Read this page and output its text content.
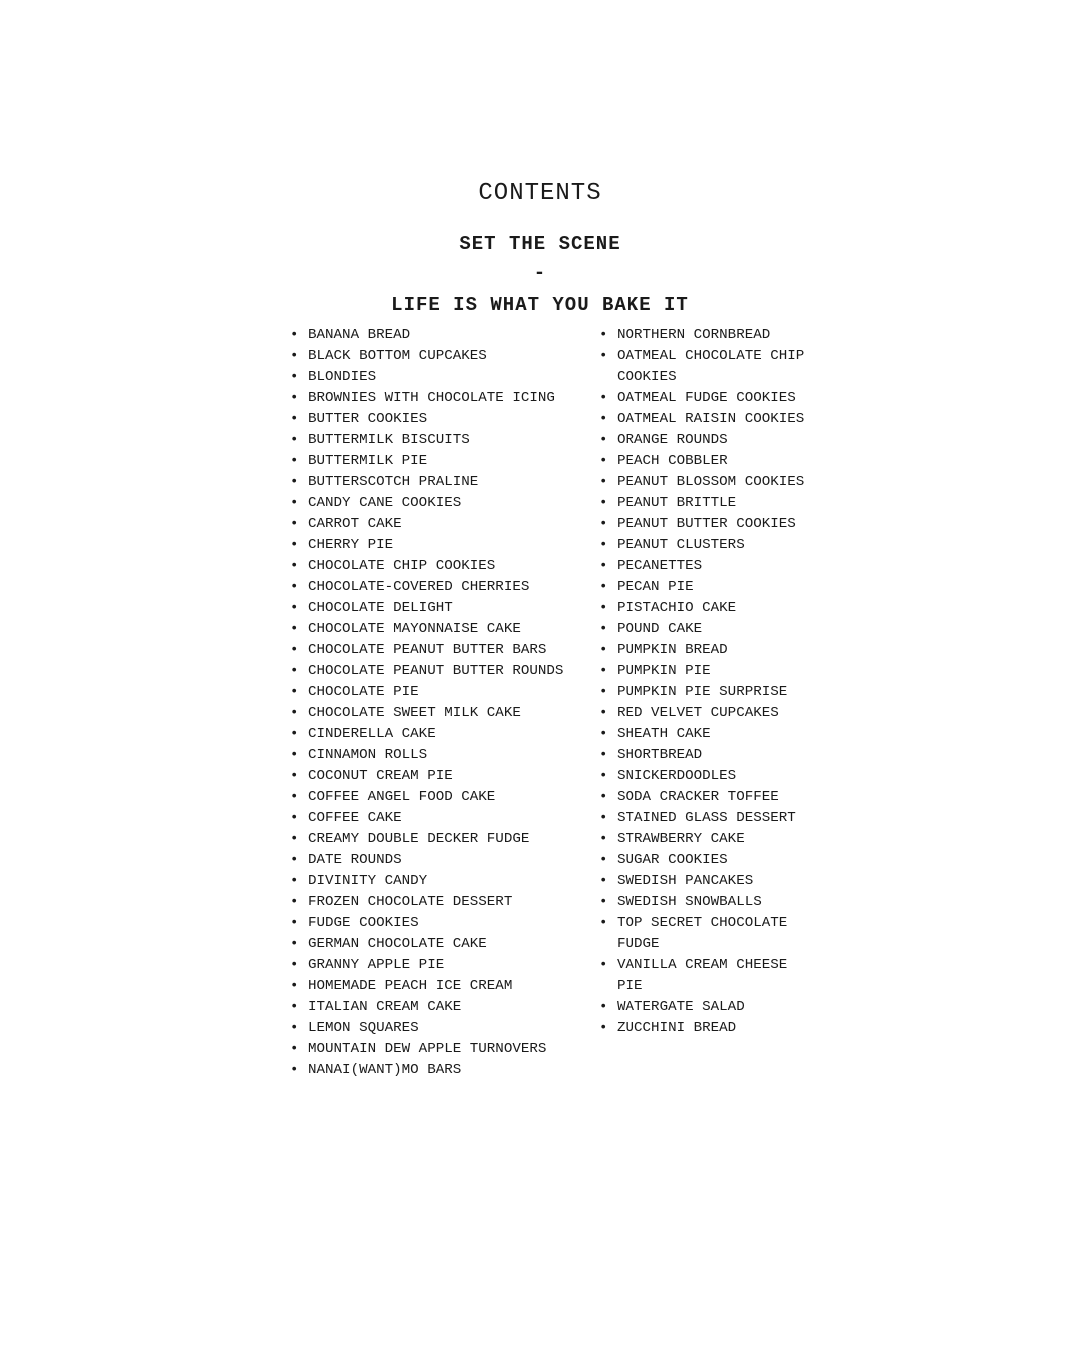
CONTENTS
SET THE SCENE
-
LIFE IS WHAT YOU BAKE IT
• BANANA BREAD
• BLACK BOTTOM CUPCAKES
• BLONDIES
• BROWNIES WITH CHOCOLATE ICING
• BUTTER COOKIES
• BUTTERMILK BISCUITS
• BUTTERMILK PIE
• BUTTERSCOTCH PRALINE
• CANDY CANE COOKIES
• CARROT CAKE
• CHERRY PIE
• CHOCOLATE CHIP COOKIES
• CHOCOLATE-COVERED CHERRIES
• CHOCOLATE DELIGHT
• CHOCOLATE MAYONNAISE CAKE
• CHOCOLATE PEANUT BUTTER BARS
• CHOCOLATE PEANUT BUTTER ROUNDS
• CHOCOLATE PIE
• CHOCOLATE SWEET MILK CAKE
• CINDERELLA CAKE
• CINNAMON ROLLS
• COCONUT CREAM PIE
• COFFEE ANGEL FOOD CAKE
• COFFEE CAKE
• CREAMY DOUBLE DECKER FUDGE
• DATE ROUNDS
• DIVINITY CANDY
• FROZEN CHOCOLATE DESSERT
• FUDGE COOKIES
• GERMAN CHOCOLATE CAKE
• GRANNY APPLE PIE
• HOMEMADE PEACH ICE CREAM
• ITALIAN CREAM CAKE
• LEMON SQUARES
• MOUNTAIN DEW APPLE TURNOVERS
• NANAI(WANT)MO BARS
• NORTHERN CORNBREAD
• OATMEAL CHOCOLATE CHIP COOKIES
• OATMEAL FUDGE COOKIES
• OATMEAL RAISIN COOKIES
• ORANGE ROUNDS
• PEACH COBBLER
• PEANUT BLOSSOM COOKIES
• PEANUT BRITTLE
• PEANUT BUTTER COOKIES
• PEANUT CLUSTERS
• PECANETTES
• PECAN PIE
• PISTACHIO CAKE
• POUND CAKE
• PUMPKIN BREAD
• PUMPKIN PIE
• PUMPKIN PIE SURPRISE
• RED VELVET CUPCAKES
• SHEATH CAKE
• SHORTBREAD
• SNICKERDOODLES
• SODA CRACKER TOFFEE
• STAINED GLASS DESSERT
• STRAWBERRY CAKE
• SUGAR COOKIES
• SWEDISH PANCAKES
• SWEDISH SNOWBALLS
• TOP SECRET CHOCOLATE FUDGE
• VANILLA CREAM CHEESE PIE
• WATERGATE SALAD
• ZUCCHINI BREAD
